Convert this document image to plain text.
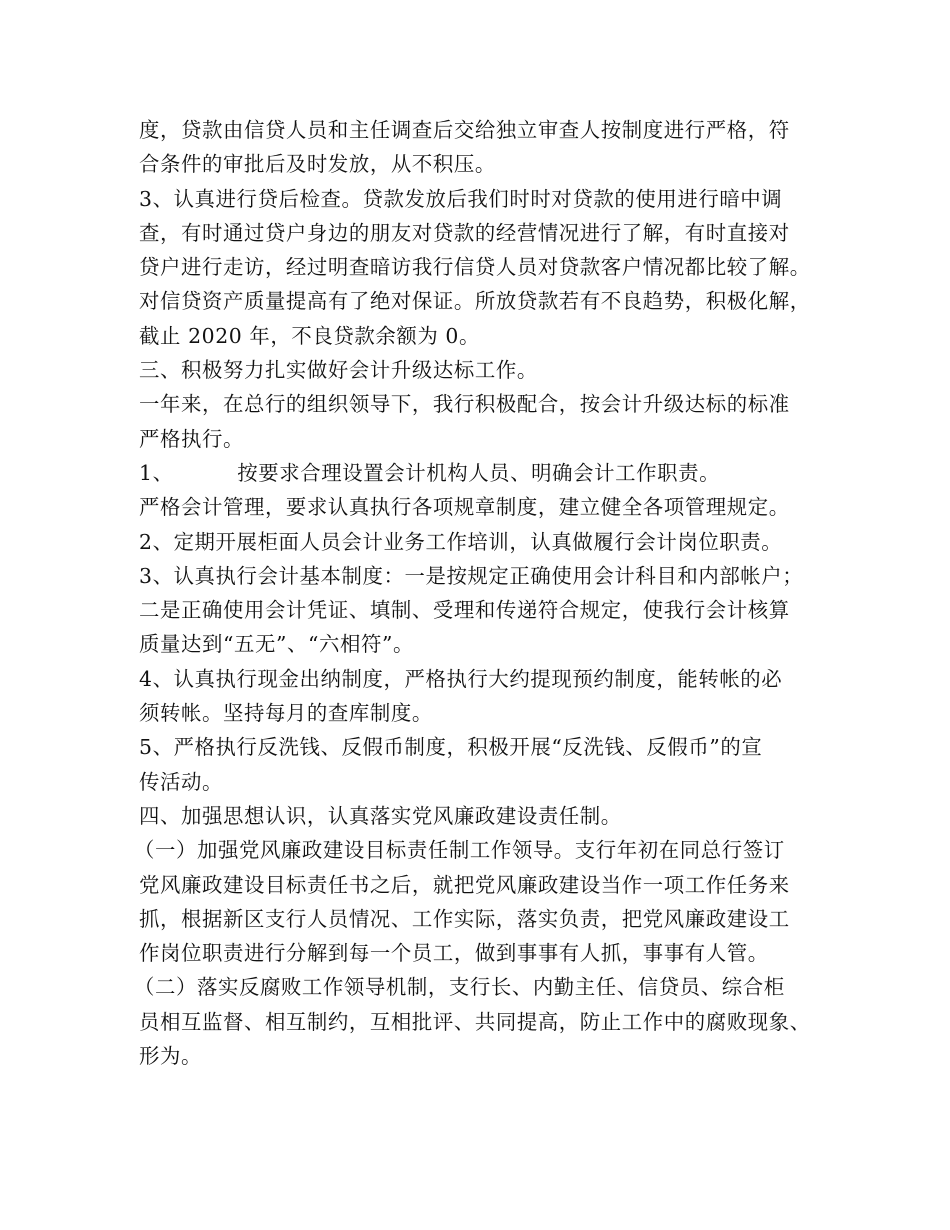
度，贷款由信贷人员和主任调查后交给独立审查人按制度进行严格，符
合条件的审批后及时发放，从不积压。
3、认真进行贷后检查。贷款发放后我们时时对贷款的使用进行暗中调
查，有时通过贷户身边的朋友对贷款的经营情况进行了解，有时直接对
贷户进行走访，经过明查暗访我行信贷人员对贷款客户情况都比较了解。
对信贷资产质量提高有了绝对保证。所放贷款若有不良趋势，积极化解，
截止 2020 年，不良贷款余额为 0。
三、积极努力扎实做好会计升级达标工作。
一年来，在总行的组织领导下，我行积极配合，按会计升级达标的标准
严格执行。
1、         按要求合理设置会计机构人员、明确会计工作职责。
严格会计管理，要求认真执行各项规章制度，建立健全各项管理规定。
2、定期开展柜面人员会计业务工作培训，认真做履行会计岗位职责。
3、认真执行会计基本制度：一是按规定正确使用会计科目和内部帐户；
二是正确使用会计凭证、填制、受理和传递符合规定，使我行会计核算
质量达到“五无”、“六相符”。
4、认真执行现金出纳制度，严格执行大约提现预约制度，能转帐的必
须转帐。坚持每月的查库制度。
5、严格执行反洗钱、反假币制度，积极开展“反洗钱、反假币”的宣
传活动。
四、加强思想认识，认真落实党风廉政建设责任制。
（一）加强党风廉政建设目标责任制工作领导。支行年初在同总行签订
党风廉政建设目标责任书之后，就把党风廉政建设当作一项工作任务来
抓，根据新区支行人员情况、工作实际，落实负责，把党风廉政建设工
作岗位职责进行分解到每一个员工，做到事事有人抓，事事有人管。
（二）落实反腐败工作领导机制，支行长、内勤主任、信贷员、综合柜
员相互监督、相互制约，互相批评、共同提高，防止工作中的腐败现象、
形为。
